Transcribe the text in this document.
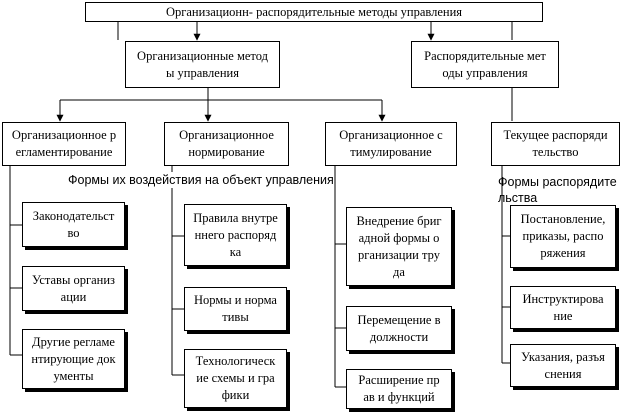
Организационн- распорядительные методы управления
Организационные метод
ы управления
Распорядительные мет
оды управления
Организационное р
егламентирование
Организационное
нормирование
Организационное с
тимулирование
Текущее распоряди
тельство
Формы их воздействия на объект управления	Формы распорядите
льства
Законодательст
во
Уставы организ
ации
Другие регламе
нтирующие док
ументы
Правила внутре
ннего распоряд
ка
Нормы и норма
тивы
Технологическ
ие схемы и гра
фики
Внедрение бриг
адной формы о
рганизации тру
да
Перемещение в
должности
Расширение пр
ав и функций
Постановление,
приказы, распо
ряжения
Инструктирова
ние
Указания, разъя
снения
